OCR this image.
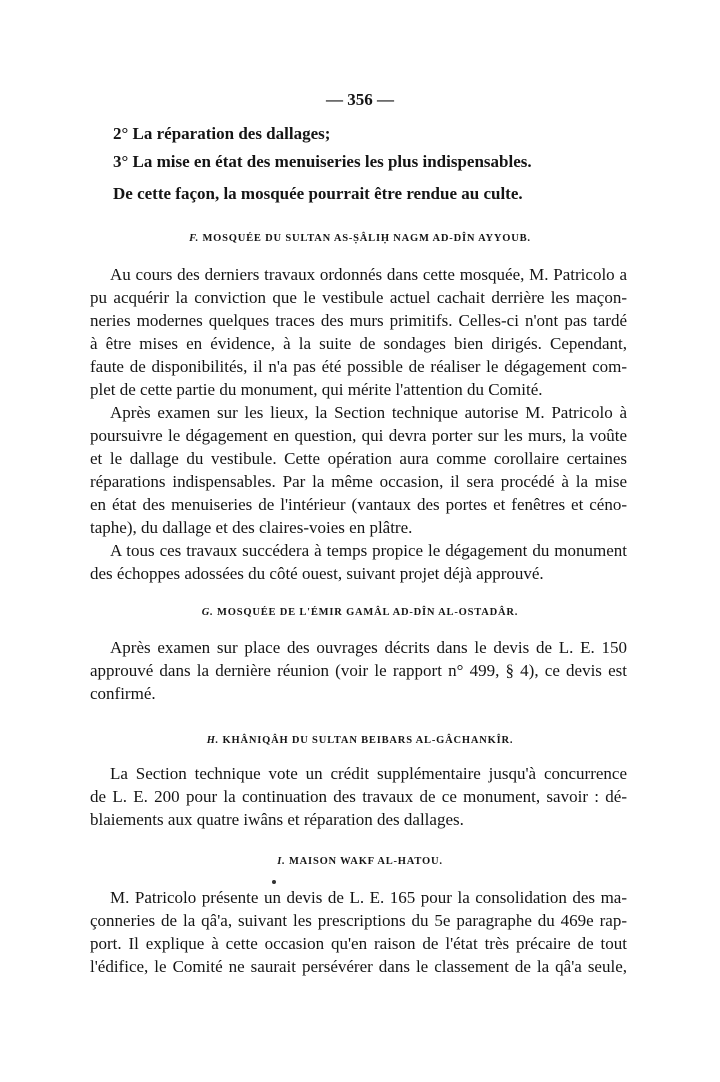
— 356 —

2° La réparation des dallages;

3° La mise en état des menuiseries les plus indispensables.

De cette façon, la mosquée pourrait être rendue au culte.

F. MOSQUÉE DU SULTAN AS-ṢÂLIḤ NAGM AD-DÎN AYYOUB.

Au cours des derniers travaux ordonnés dans cette mosquée, M. Patricolo a

pu acquérir la conviction que le vestibule actuel cachait derrière les maçon-

neries modernes quelques traces des murs primitifs. Celles-ci n'ont pas tardé

à être mises en évidence, à la suite de sondages bien dirigés. Cependant,

faute de disponibilités, il n'a pas été possible de réaliser le dégagement com-

plet de cette partie du monument, qui mérite l'attention du Comité.

Après examen sur les lieux, la Section technique autorise M. Patricolo à

poursuivre le dégagement en question, qui devra porter sur les murs, la voûte

et le dallage du vestibule. Cette opération aura comme corollaire certaines

réparations indispensables. Par la même occasion, il sera procédé à la mise

en état des menuiseries de l'intérieur (vantaux des portes et fenêtres et céno-

taphe), du dallage et des claires-voies en plâtre.

A tous ces travaux succédera à temps propice le dégagement du monument

des échoppes adossées du côté ouest, suivant projet déjà approuvé.

G. MOSQUÉE DE L'ÉMIR GAMÂL AD-DÎN AL-OSTADÂR.

Après examen sur place des ouvrages décrits dans le devis de L. E. 150

approuvé dans la dernière réunion (voir le rapport n° 499, § 4), ce devis est

confirmé.

H. KHÂNIQÂH DU SULTAN BEIBARS AL-GÂCHANKÎR.

La Section technique vote un crédit supplémentaire jusqu'à concurrence

de L. E. 200 pour la continuation des travaux de ce monument, savoir : dé-

blaiements aux quatre iwâns et réparation des dallages.

I. MAISON WAKF AL-HATOU.

M. Patricolo présente un devis de L. E. 165 pour la consolidation des ma-

çonneries de la qâ'a, suivant les prescriptions du 5e paragraphe du 469e rap-

port. Il explique à cette occasion qu'en raison de l'état très précaire de tout

l'édifice, le Comité ne saurait persévérer dans le classement de la qâ'a seule,
